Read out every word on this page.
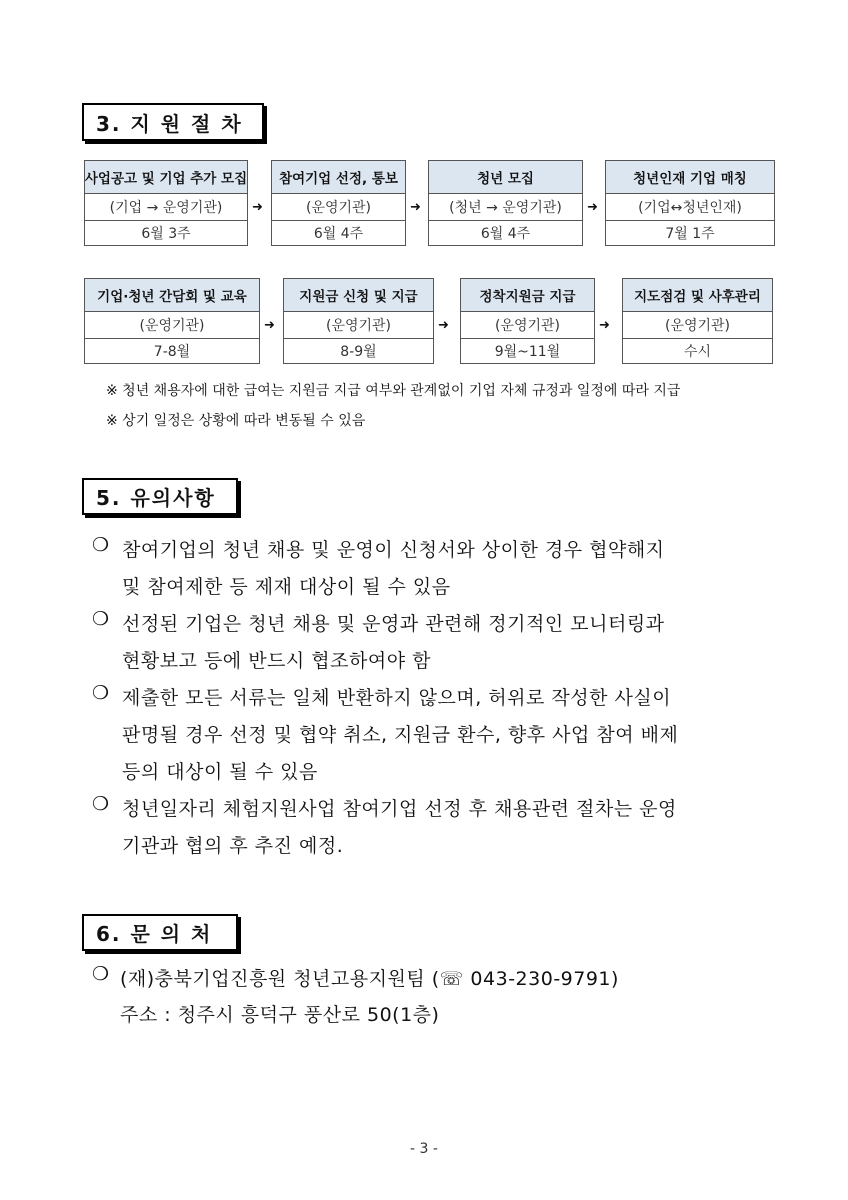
3. 지 원 절 차
사업공고 및 기업 추가 모집
(기업 → 운영기관)
6월 3주
➜
참여기업 선정, 통보
(운영기관)
6월 4주
➜
청년 모집
(청년 → 운영기관)
6월 4주
➜
청년인재 기업 매칭
(기업↔청년인재)
7월 1주
기업·청년 간담회 및 교육
(운영기관)
7-8월
➜
지원금 신청 및 지급
(운영기관)
8-9월
➜
정착지원금 지급
(운영기관)
9월~11월
➜
지도점검 및 사후관리
(운영기관)
수시
※ 청년 채용자에 대한 급여는 지원금 지급 여부와 관계없이 기업 자체 규정과 일정에 따라 지급
※ 상기 일정은 상황에 따라 변동될 수 있음
5. 유의사항
❍ 참여기업의 청년 채용 및 운영이 신청서와 상이한 경우 협약해지
및 참여제한 등 제재 대상이 될 수 있음
❍ 선정된 기업은 청년 채용 및 운영과 관련해 정기적인 모니터링과
현황보고 등에 반드시 협조하여야 함
❍ 제출한 모든 서류는 일체 반환하지 않으며, 허위로 작성한 사실이
판명될 경우 선정 및 협약 취소, 지원금 환수, 향후 사업 참여 배제
등의 대상이 될 수 있음
❍ 청년일자리 체험지원사업 참여기업 선정 후 채용관련 절차는 운영
기관과 협의 후 추진 예정.
6. 문 의 처
❍ (재)충북기업진흥원 청년고용지원팀 (☏ 043-230-9791)
주소 : 청주시 흥덕구 풍산로 50(1층)
- 3 -
